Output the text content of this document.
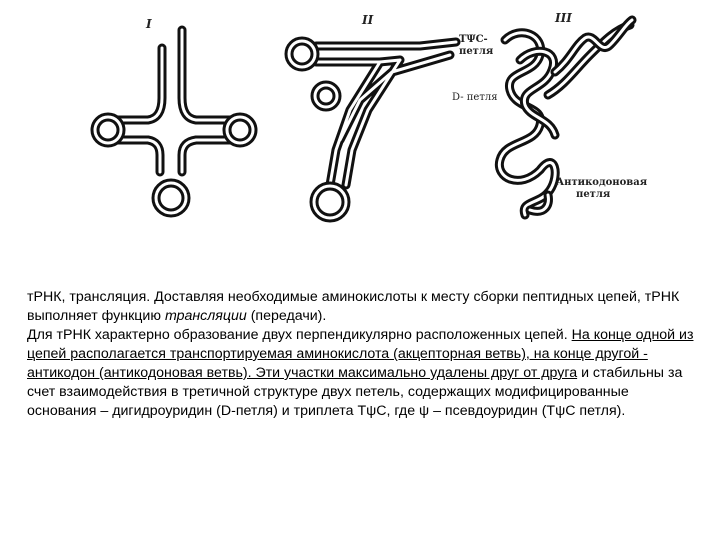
I	II	III
TΨC-
петля
D- петля
Антикодоновая
петля

тРНК, трансляция. Доставляя необходимые аминокислоты к месту сборки пептидных цепей, тРНК выполняет функцию трансляции (передачи).

Для тРНК характерно образование двух перпендикулярно расположенных цепей. На конце одной из цепей располагается транспортируемая аминокислота (акцепторная ветвь), на конце другой - антикодон (антикодоновая ветвь). Эти участки максимально удалены друг от друга и стабильны за счет взаимодействия в третичной структуре двух петель, содержащих модифицированные основания – дигидроуридин (D-петля) и триплета TψC, где ψ – псевдоуридин (TψC петля).
